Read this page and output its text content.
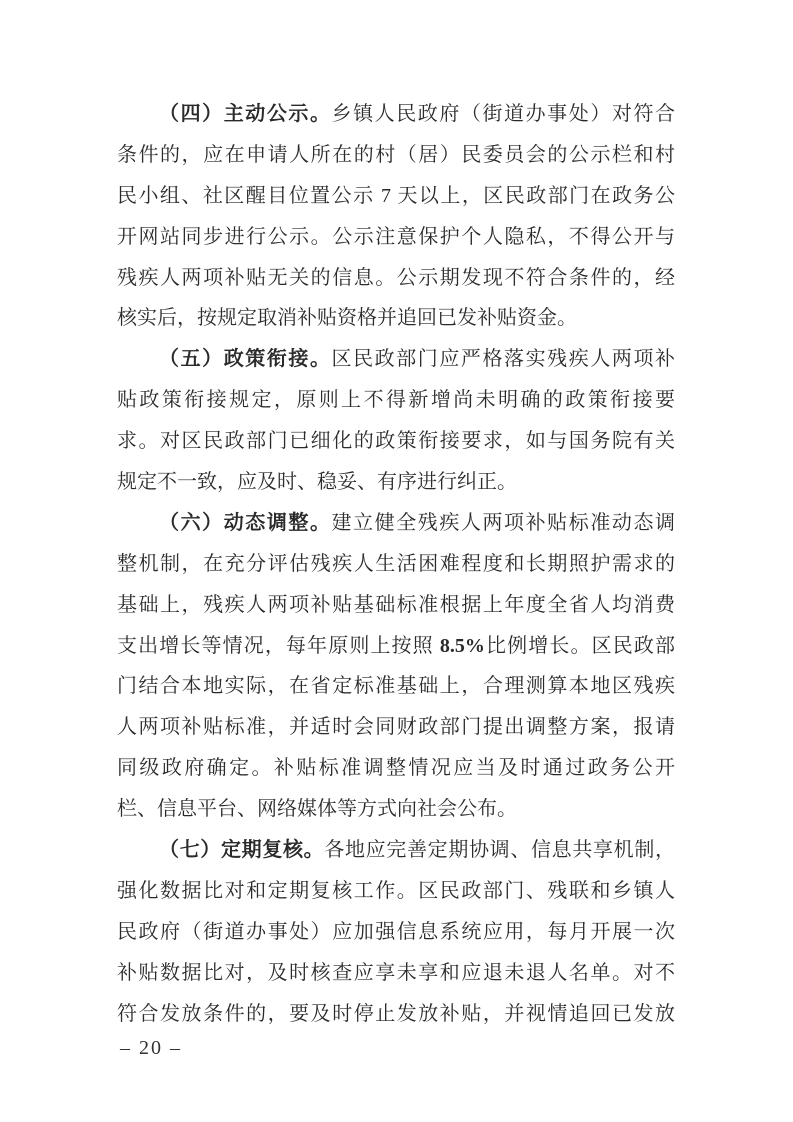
（四）主动公示。乡镇人民政府（街道办事处）对符合
条件的，应在申请人所在的村（居）民委员会的公示栏和村
民小组、社区醒目位置公示 7 天以上，区民政部门在政务公
开网站同步进行公示。公示注意保护个人隐私，不得公开与
残疾人两项补贴无关的信息。公示期发现不符合条件的，经
核实后，按规定取消补贴资格并追回已发补贴资金。
（五）政策衔接。区民政部门应严格落实残疾人两项补
贴政策衔接规定，原则上不得新增尚未明确的政策衔接要
求。对区民政部门已细化的政策衔接要求，如与国务院有关
规定不一致，应及时、稳妥、有序进行纠正。
（六）动态调整。建立健全残疾人两项补贴标准动态调
整机制，在充分评估残疾人生活困难程度和长期照护需求的
基础上，残疾人两项补贴基础标准根据上年度全省人均消费
支出增长等情况，每年原则上按照 8.5%比例增长。区民政部
门结合本地实际，在省定标准基础上，合理测算本地区残疾
人两项补贴标准，并适时会同财政部门提出调整方案，报请
同级政府确定。补贴标准调整情况应当及时通过政务公开
栏、信息平台、网络媒体等方式向社会公布。
（七）定期复核。各地应完善定期协调、信息共享机制，
强化数据比对和定期复核工作。区民政部门、残联和乡镇人
民政府（街道办事处）应加强信息系统应用，每月开展一次
补贴数据比对，及时核查应享未享和应退未退人名单。对不
符合发放条件的，要及时停止发放补贴，并视情追回已发放
– 20 –
